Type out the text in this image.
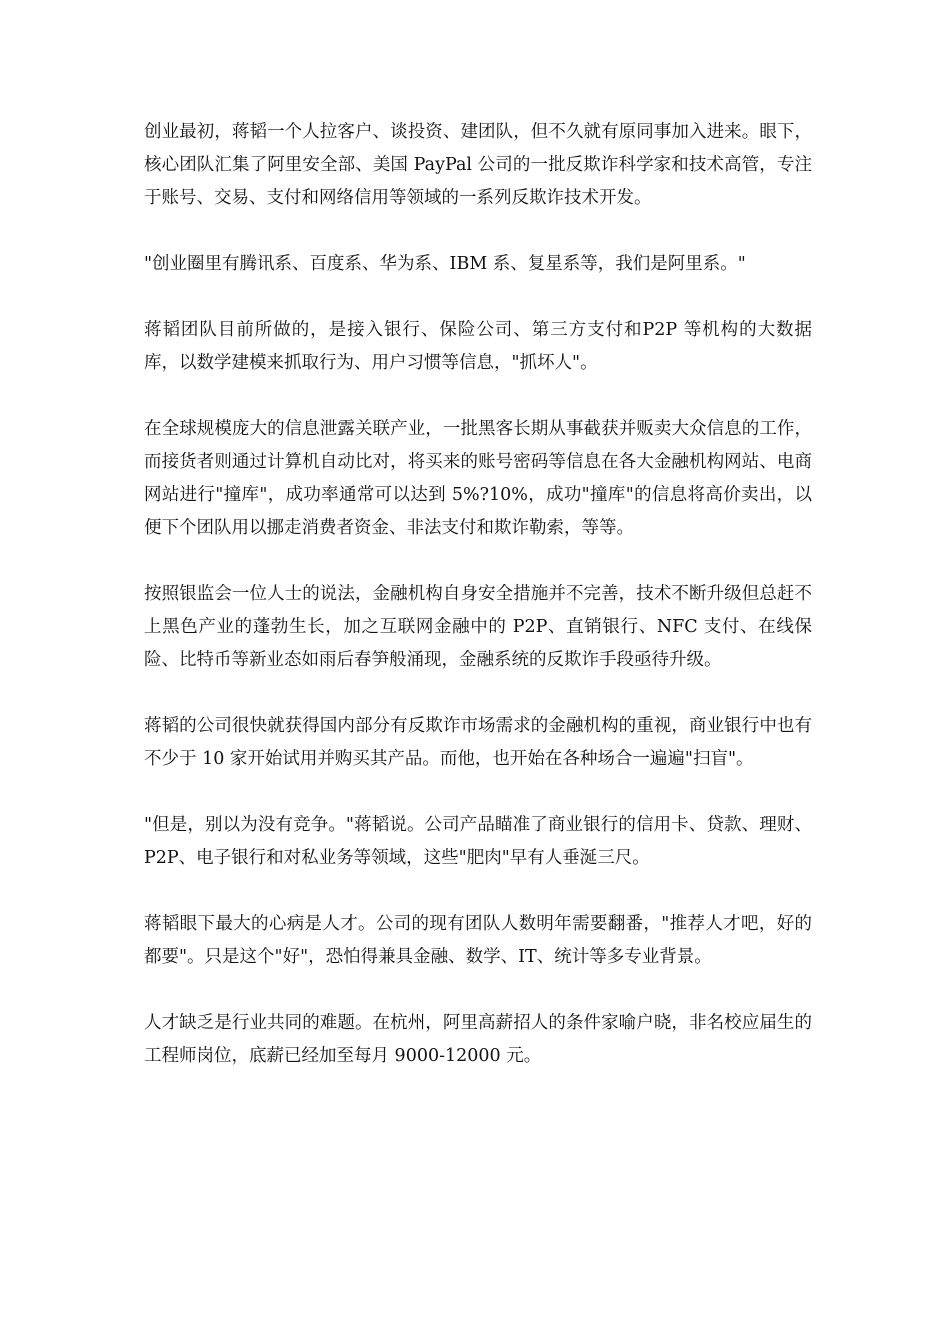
创业最初，蒋韬一个人拉客户、谈投资、建团队，但不久就有原同事加入进来。眼下，核心团队汇集了阿里安全部、美国 PayPal 公司的一批反欺诈科学家和技术高管，专注于账号、交易、支付和网络信用等领域的一系列反欺诈技术开发。

"创业圈里有腾讯系、百度系、华为系、IBM 系、复星系等，我们是阿里系。"

蒋韬团队目前所做的，是接入银行、保险公司、第三方支付和P2P 等机构的大数据库，以数学建模来抓取行为、用户习惯等信息，"抓坏人"。

在全球规模庞大的信息泄露关联产业，一批黑客长期从事截获并贩卖大众信息的工作，而接货者则通过计算机自动比对，将买来的账号密码等信息在各大金融机构网站、电商网站进行"撞库"，成功率通常可以达到 5%?10%，成功"撞库"的信息将高价卖出，以便下个团队用以挪走消费者资金、非法支付和欺诈勒索，等等。

按照银监会一位人士的说法，金融机构自身安全措施并不完善，技术不断升级但总赶不上黑色产业的蓬勃生长，加之互联网金融中的 P2P、直销银行、NFC 支付、在线保险、比特币等新业态如雨后春笋般涌现，金融系统的反欺诈手段亟待升级。

蒋韬的公司很快就获得国内部分有反欺诈市场需求的金融机构的重视，商业银行中也有不少于 10 家开始试用并购买其产品。而他，也开始在各种场合一遍遍"扫盲"。

"但是，别以为没有竞争。"蒋韬说。公司产品瞄准了商业银行的信用卡、贷款、理财、P2P、电子银行和对私业务等领域，这些"肥肉"早有人垂涎三尺。

蒋韬眼下最大的心病是人才。公司的现有团队人数明年需要翻番，"推荐人才吧，好的都要"。只是这个"好"，恐怕得兼具金融、数学、IT、统计等多专业背景。

人才缺乏是行业共同的难题。在杭州，阿里高薪招人的条件家喻户晓，非名校应届生的工程师岗位，底薪已经加至每月 9000-12000 元。
